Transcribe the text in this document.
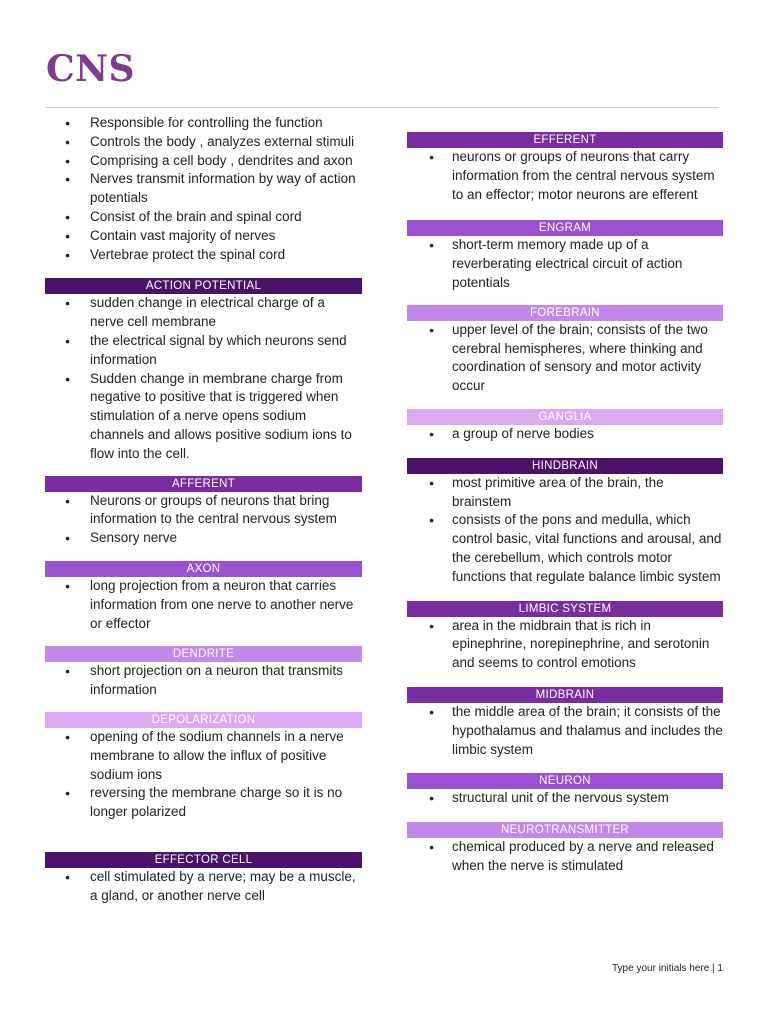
CNS
● Responsible for controlling the function
● Controls the body , analyzes external stimuli
● Comprising a cell body , dendrites and axon
● Nerves transmit information by way of action potentials
● Consist of the brain and spinal cord
● Contain vast majority of nerves
● Vertebrae protect the spinal cord
ACTION POTENTIAL
● sudden change in electrical charge of a nerve cell membrane
● the electrical signal by which neurons send information
● Sudden change in membrane charge from negative to positive that is triggered when stimulation of a nerve opens sodium channels and allows positive sodium ions to flow into the cell.
AFFERENT
● Neurons or groups of neurons that bring information to the central nervous system
● Sensory nerve
AXON
● long projection from a neuron that carries information from one nerve to another nerve or effector
DENDRITE
● short projection on a neuron that transmits information
DEPOLARIZATION
● opening of the sodium channels in a nerve membrane to allow the influx of positive sodium ions
● reversing the membrane charge so it is no longer polarized
EFFECTOR CELL
● cell stimulated by a nerve; may be a muscle, a gland, or another nerve cell
EFFERENT
● neurons or groups of neurons that carry information from the central nervous system to an effector; motor neurons are efferent
ENGRAM
● short-term memory made up of a reverberating electrical circuit of action potentials
FOREBRAIN
● upper level of the brain; consists of the two cerebral hemispheres, where thinking and coordination of sensory and motor activity occur
GANGLIA
● a group of nerve bodies
HINDBRAIN
● most primitive area of the brain, the brainstem
● consists of the pons and medulla, which control basic, vital functions and arousal, and the cerebellum, which controls motor functions that regulate balance limbic system
LIMBIC SYSTEM
● area in the midbrain that is rich in epinephrine, norepinephrine, and serotonin and seems to control emotions
MIDBRAIN
● the middle area of the brain; it consists of the hypothalamus and thalamus and includes the limbic system
NEURON
● structural unit of the nervous system
NEUROTRANSMITTER
● chemical produced by a nerve and released when the nerve is stimulated
Type your initials here | 1
